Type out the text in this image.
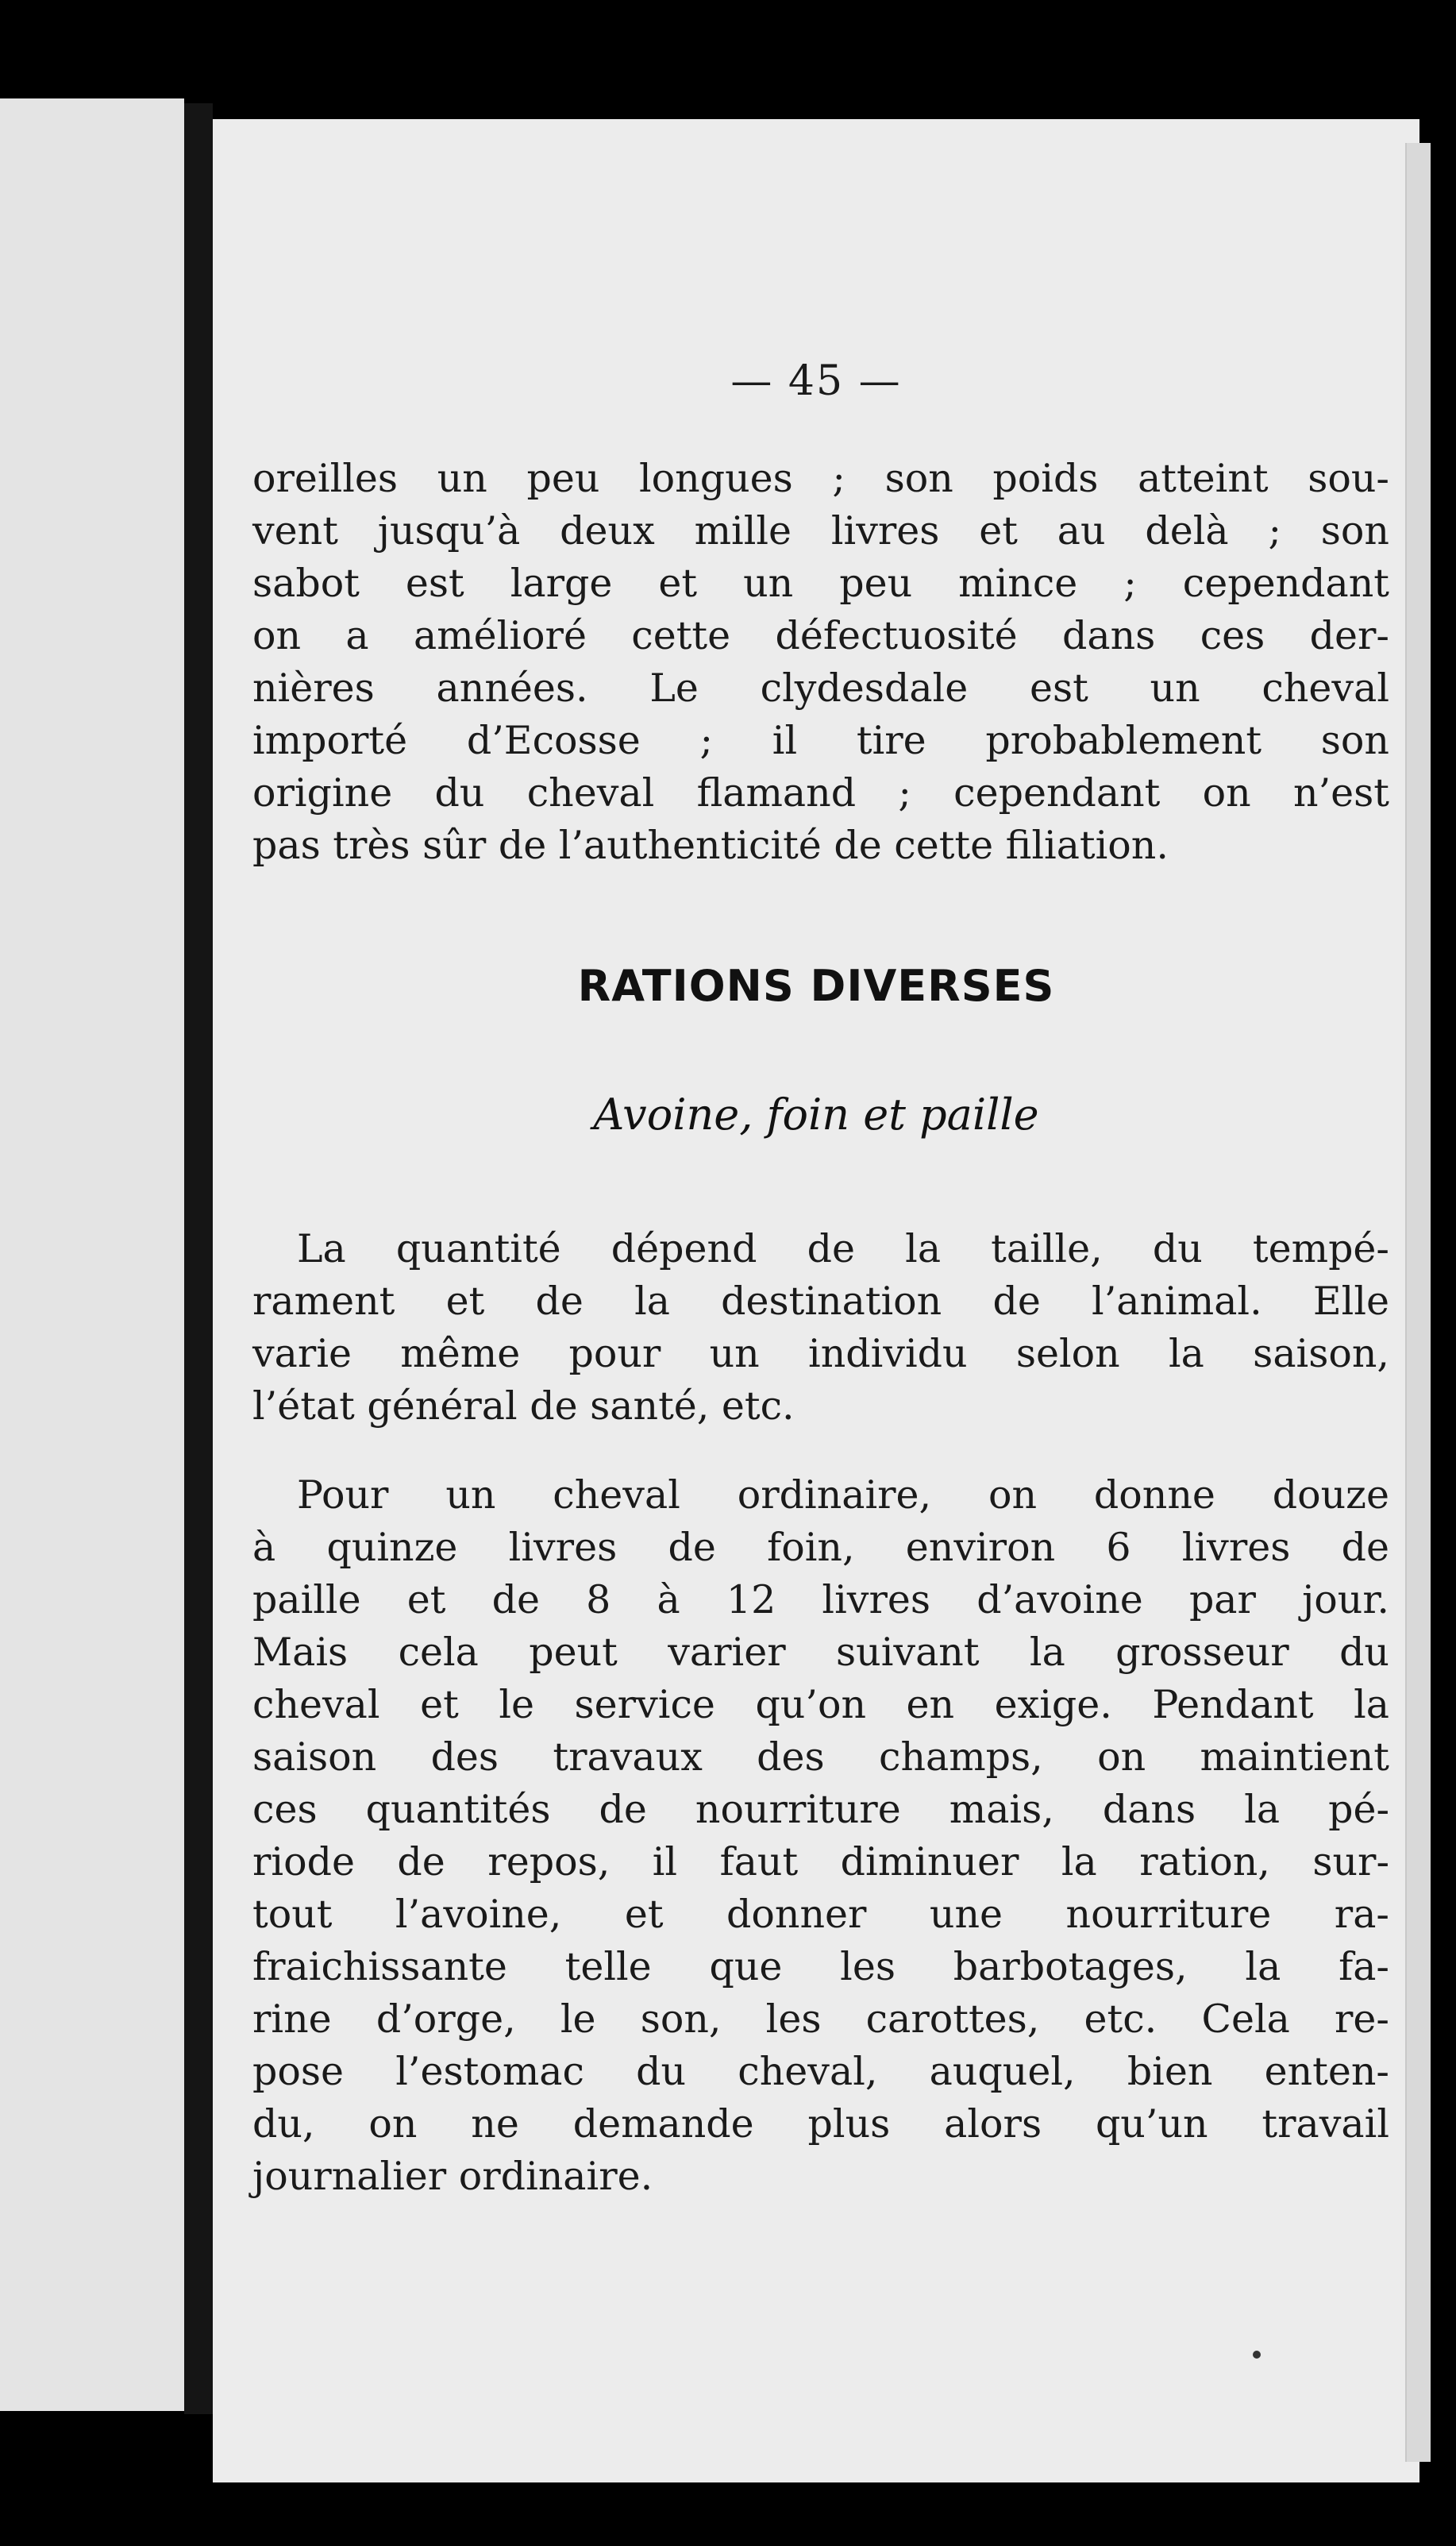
— 45 —

oreilles un peu longues ; son poids atteint sou-
vent jusqu’à deux mille livres et au delà ; son
sabot est large et un peu mince ; cependant
on a amélioré cette défectuosité dans ces der-
nières années. Le clydesdale est un cheval
importé d’Ecosse ; il tire probablement son
origine du cheval flamand ; cependant on n’est
pas très sûr de l’authenticité de cette filiation.

RATIONS DIVERSES
Avoine, foin et paille

La quantité dépend de la taille, du tempé-
rament et de la destination de l’animal. Elle
varie même pour un individu selon la saison,
l’état général de santé, etc.

Pour un cheval ordinaire, on donne douze
à quinze livres de foin, environ 6 livres de
paille et de 8 à 12 livres d’avoine par jour.
Mais cela peut varier suivant la grosseur du
cheval et le service qu’on en exige. Pendant la
saison des travaux des champs, on maintient
ces quantités de nourriture mais, dans la pé-
riode de repos, il faut diminuer la ration, sur-
tout l’avoine, et donner une nourriture ra-
fraichissante telle que les barbotages, la fa-
rine d’orge, le son, les carottes, etc. Cela re-
pose l’estomac du cheval, auquel, bien enten-
du, on ne demande plus alors qu’un travail
journalier ordinaire.
